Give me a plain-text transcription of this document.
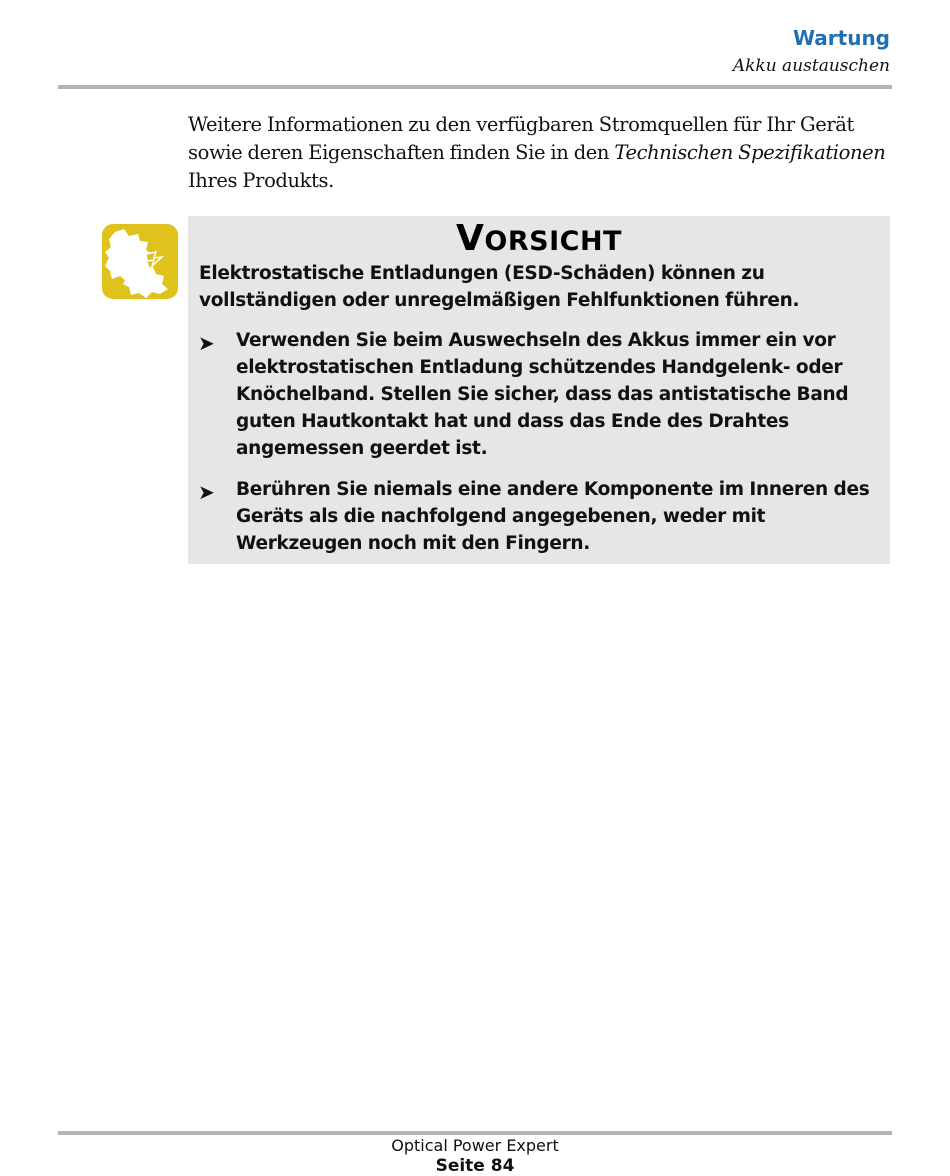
Wartung
Akku austauschen
Weitere Informationen zu den verfügbaren Stromquellen für Ihr Gerät
sowie deren Eigenschaften finden Sie in den Technischen Spezifikationen
Ihres Produkts.
VORSICHT
Elektrostatische Entladungen (ESD-Schäden) können zu
vollständigen oder unregelmäßigen Fehlfunktionen führen.
➤ Verwenden Sie beim Auswechseln des Akkus immer ein vor
elektrostatischen Entladung schützendes Handgelenk- oder
Knöchelband. Stellen Sie sicher, dass das antistatische Band
guten Hautkontakt hat und dass das Ende des Drahtes
angemessen geerdet ist.
➤ Berühren Sie niemals eine andere Komponente im Inneren des
Geräts als die nachfolgend angegebenen, weder mit
Werkzeugen noch mit den Fingern.
Optical Power Expert
Seite 84
